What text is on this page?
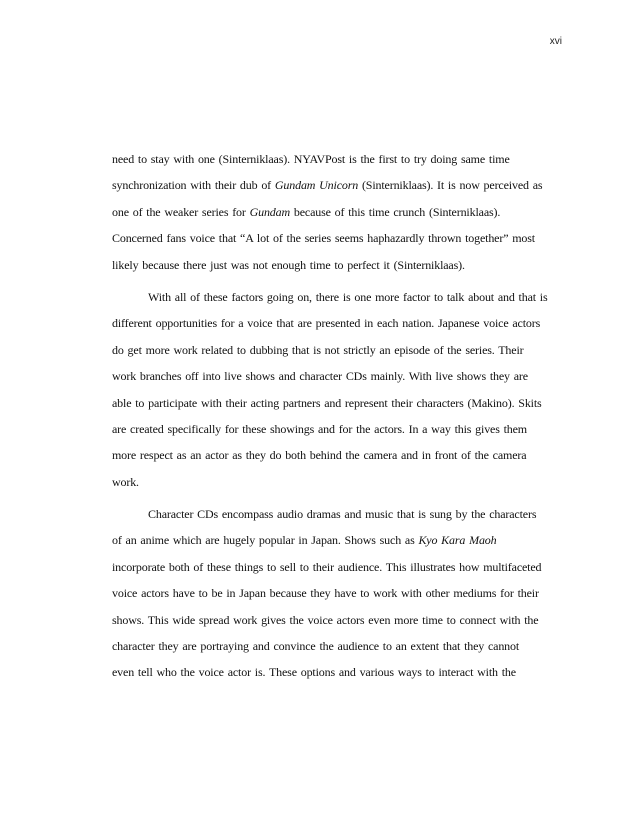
xvi
need to stay with one (Sinterniklaas). NYAVPost is the first to try doing same time
synchronization with their dub of Gundam Unicorn (Sinterniklaas). It is now perceived as
one of the weaker series for Gundam because of this time crunch (Sinterniklaas).
Concerned fans voice that “A lot of the series seems haphazardly thrown together” most
likely because there just was not enough time to perfect it (Sinterniklaas).
With all of these factors going on, there is one more factor to talk about and that is
different opportunities for a voice that are presented in each nation. Japanese voice actors
do get more work related to dubbing that is not strictly an episode of the series. Their
work branches off into live shows and character CDs mainly. With live shows they are
able to participate with their acting partners and represent their characters (Makino). Skits
are created specifically for these showings and for the actors. In a way this gives them
more respect as an actor as they do both behind the camera and in front of the camera
work.
Character CDs encompass audio dramas and music that is sung by the characters
of an anime which are hugely popular in Japan. Shows such as Kyo Kara Maoh
incorporate both of these things to sell to their audience. This illustrates how multifaceted
voice actors have to be in Japan because they have to work with other mediums for their
shows. This wide spread work gives the voice actors even more time to connect with the
character they are portraying and convince the audience to an extent that they cannot
even tell who the voice actor is. These options and various ways to interact with the
